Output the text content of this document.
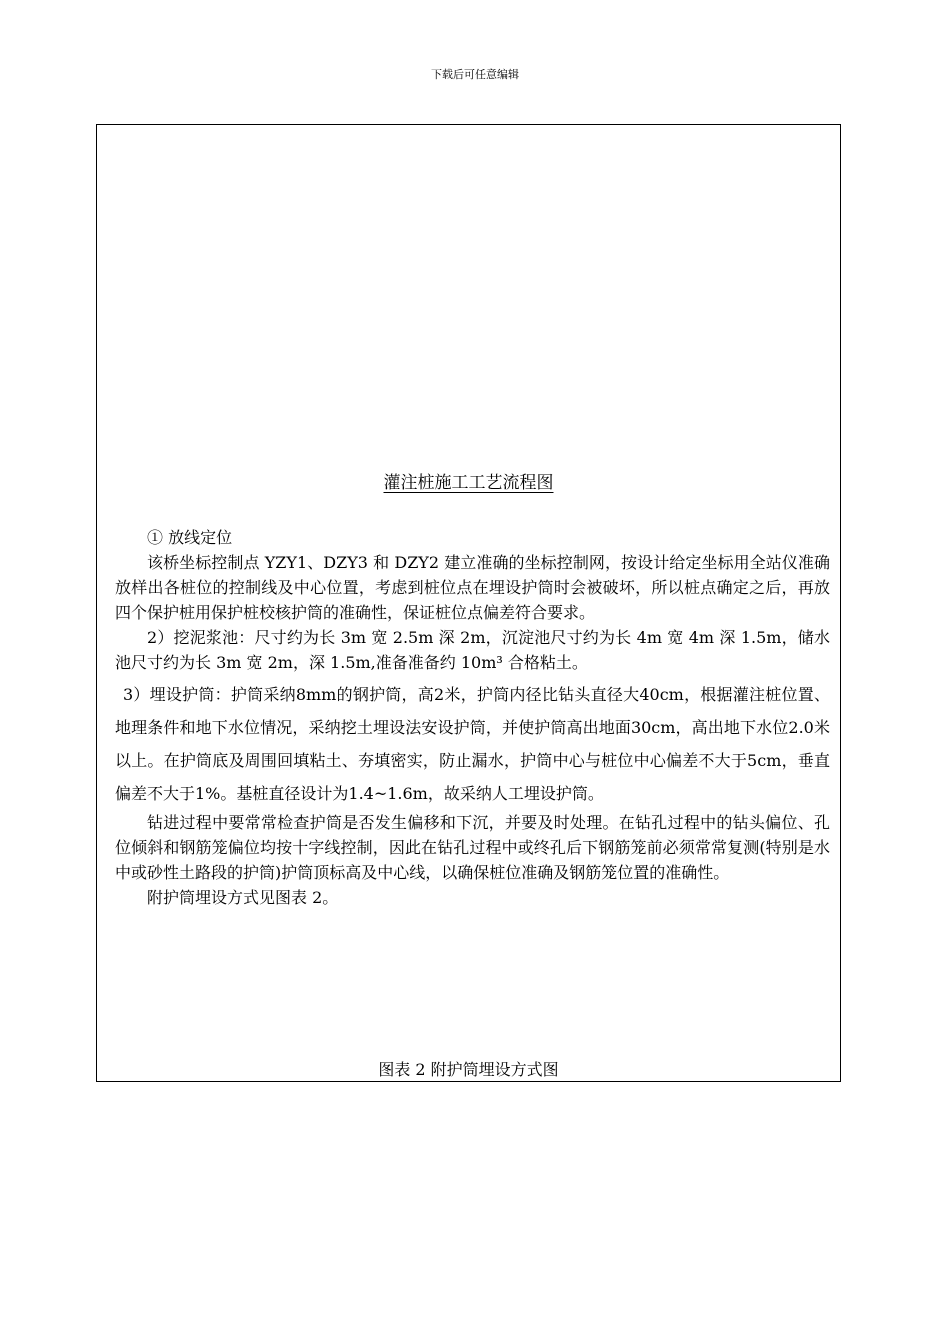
下载后可任意编辑
灌注桩施工工艺流程图

① 放线定位

该桥坐标控制点 YZY1、DZY3 和 DZY2 建立准确的坐标控制网，按设计给定坐标用全站仪准确放样出各桩位的控制线及中心位置，考虑到桩位点在埋设护筒时会被破坏，所以桩点确定之后，再放四个保护桩用保护桩校核护筒的准确性，保证桩位点偏差符合要求。

2）挖泥浆池：尺寸约为长 3m 宽 2.5m 深 2m，沉淀池尺寸约为长 4m 宽 4m 深 1.5m，储水池尺寸约为长 3m 宽 2m，深 1.5m,准备准备约 10m³ 合格粘土。

3）埋设护筒：护筒采纳8mm的钢护筒，高2米，护筒内径比钻头直径大40cm，根据灌注桩位置、地理条件和地下水位情况，采纳挖土埋设法安设护筒，并使护筒高出地面30cm，高出地下水位2.0米以上。在护筒底及周围回填粘土、夯填密实，防止漏水，护筒中心与桩位中心偏差不大于5cm，垂直偏差不大于1%。基桩直径设计为1.4~1.6m，故采纳人工埋设护筒。

钻进过程中要常常检查护筒是否发生偏移和下沉，并要及时处理。在钻孔过程中的钻头偏位、孔位倾斜和钢筋笼偏位均按十字线控制，因此在钻孔过程中或终孔后下钢筋笼前必须常常复测(特别是水中或砂性土路段的护筒)护筒顶标高及中心线，以确保桩位准确及钢筋笼位置的准确性。

附护筒埋设方式见图表 2。

图表 2 附护筒埋设方式图
